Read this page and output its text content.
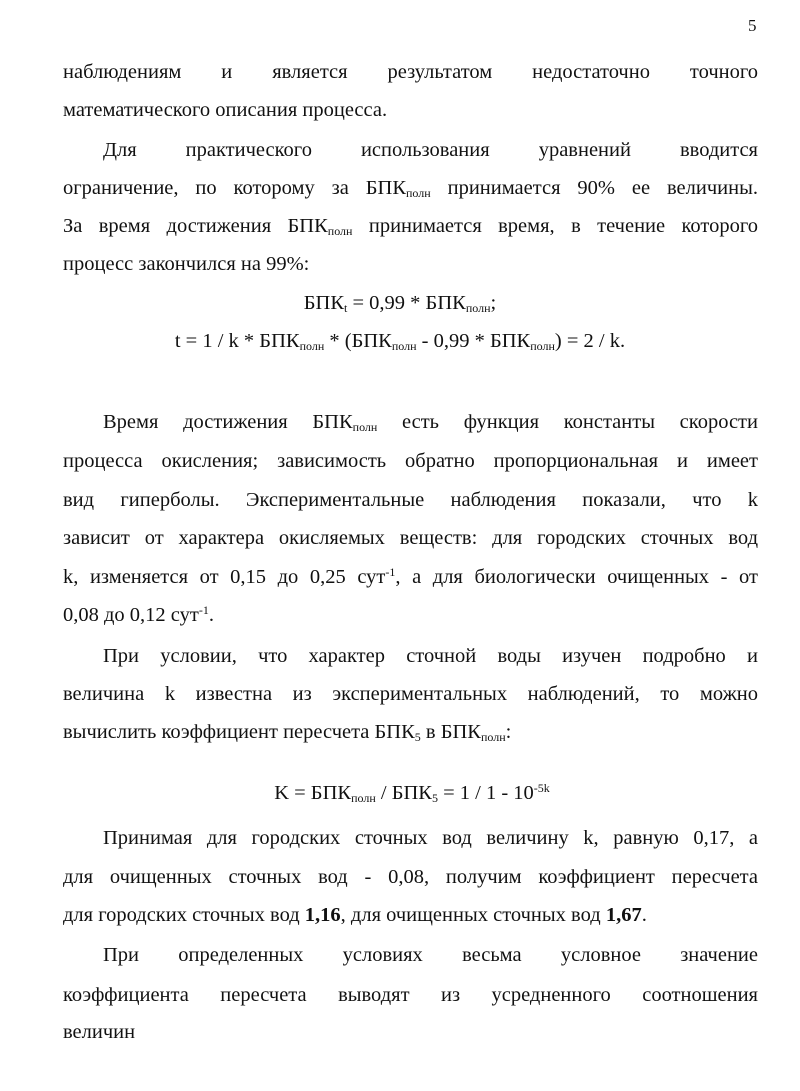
5
наблюдениям и является результатом недостаточно точного
математического описания процесса.
Для практического использования уравнений вводится
ограничение, по которому за $БПК_{полн}$ принимается 90% ее величины.
За время достижения $БПК_{полн}$ принимается время, в течение которого
процесс закончился на 99%:
$БПК_t = 0,99 * БПК_{полн}$;
$t = 1 / k * БПК_{полн} * (БПК_{полн} - 0,99 * БПК_{полн}) = 2 / k$.
Время достижения $БПК_{полн}$ есть функция константы скорости
процесса окисления; зависимость обратно пропорциональная и имеет
вид гиперболы. Экспериментальные наблюдения показали, что k
зависит от характера окисляемых веществ: для городских сточных вод
k, изменяется от 0,15 до 0,25 сут$^{-1}$, а для биологически очищенных - от
0,08 до 0,12 сут$^{-1}$.
При условии, что характер сточной воды изучен подробно и
величина k известна из экспериментальных наблюдений, то можно
вычислить коэффициент пересчета $БПК_5$ в $БПК_{полн}$:
$K = БПК_{полн} / БПК_5 = 1 / 1 - 10^{-5k}$
Принимая для городских сточных вод величину k, равную 0,17, а
для очищенных сточных вод - 0,08, получим коэффициент пересчета
для городских сточных вод 1,16, для очищенных сточных вод 1,67.
При определенных условиях весьма условное значение
коэффициента пересчета выводят из усредненного соотношения
величин
